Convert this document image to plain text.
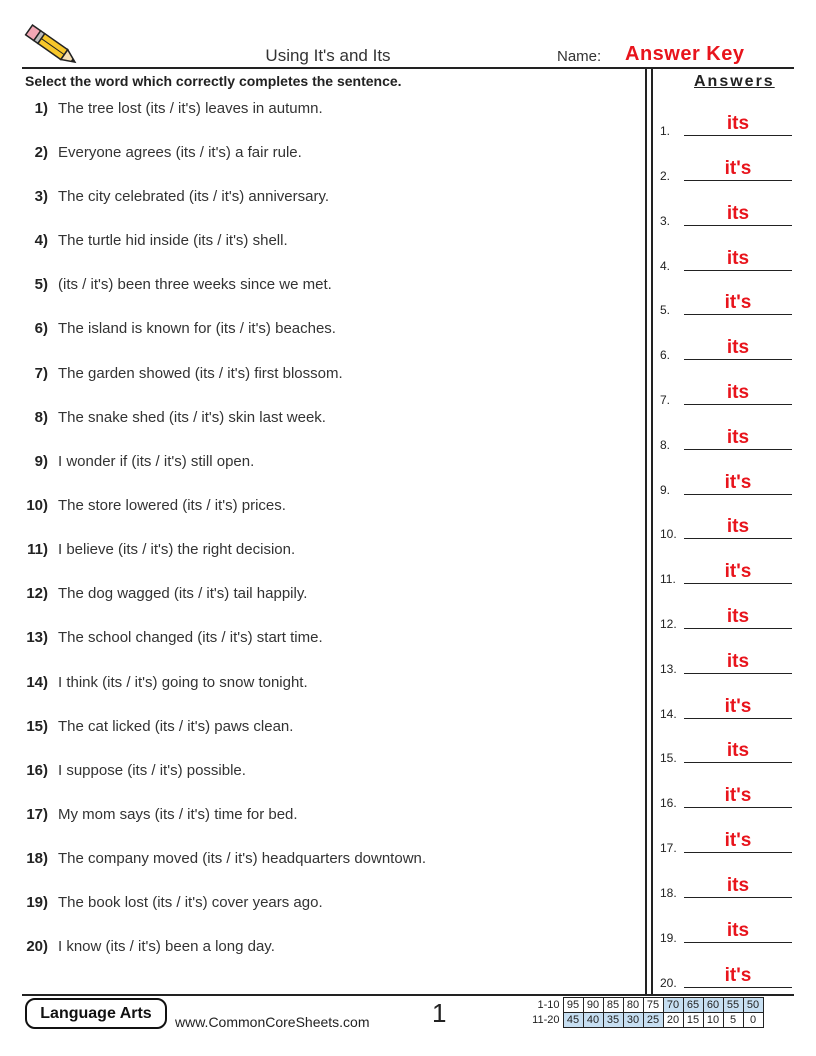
Using It's and Its	Name: Answer Key
Select the word which correctly completes the sentence.
1) The tree lost (its / it's) leaves in autumn.
2) Everyone agrees (its / it's) a fair rule.
3) The city celebrated (its / it's) anniversary.
4) The turtle hid inside (its / it's) shell.
5) (its / it's) been three weeks since we met.
6) The island is known for (its / it's) beaches.
7) The garden showed (its / it's) first blossom.
8) The snake shed (its / it's) skin last week.
9) I wonder if (its / it's) still open.
10) The store lowered (its / it's) prices.
11) I believe (its / it's) the right decision.
12) The dog wagged (its / it's) tail happily.
13) The school changed (its / it's) start time.
14) I think (its / it's) going to snow tonight.
15) The cat licked (its / it's) paws clean.
16) I suppose (its / it's) possible.
17) My mom says (its / it's) time for bed.
18) The company moved (its / it's) headquarters downtown.
19) The book lost (its / it's) cover years ago.
20) I know (its / it's) been a long day.
Answers
1.	its
2.	it's
3.	its
4.	its
5.	it's
6.	its
7.	its
8.	its
9.	it's
10.	its
11.	it's
12.	its
13.	its
14.	it's
15.	its
16.	it's
17.	it's
18.	its
19.	its
20.	it's
Language Arts
www.CommonCoreSheets.com 1	1-10	95	90	85	80	75	70	65	60	55	50
11-20	45	40	35	30	25	20	15	10	5	0
